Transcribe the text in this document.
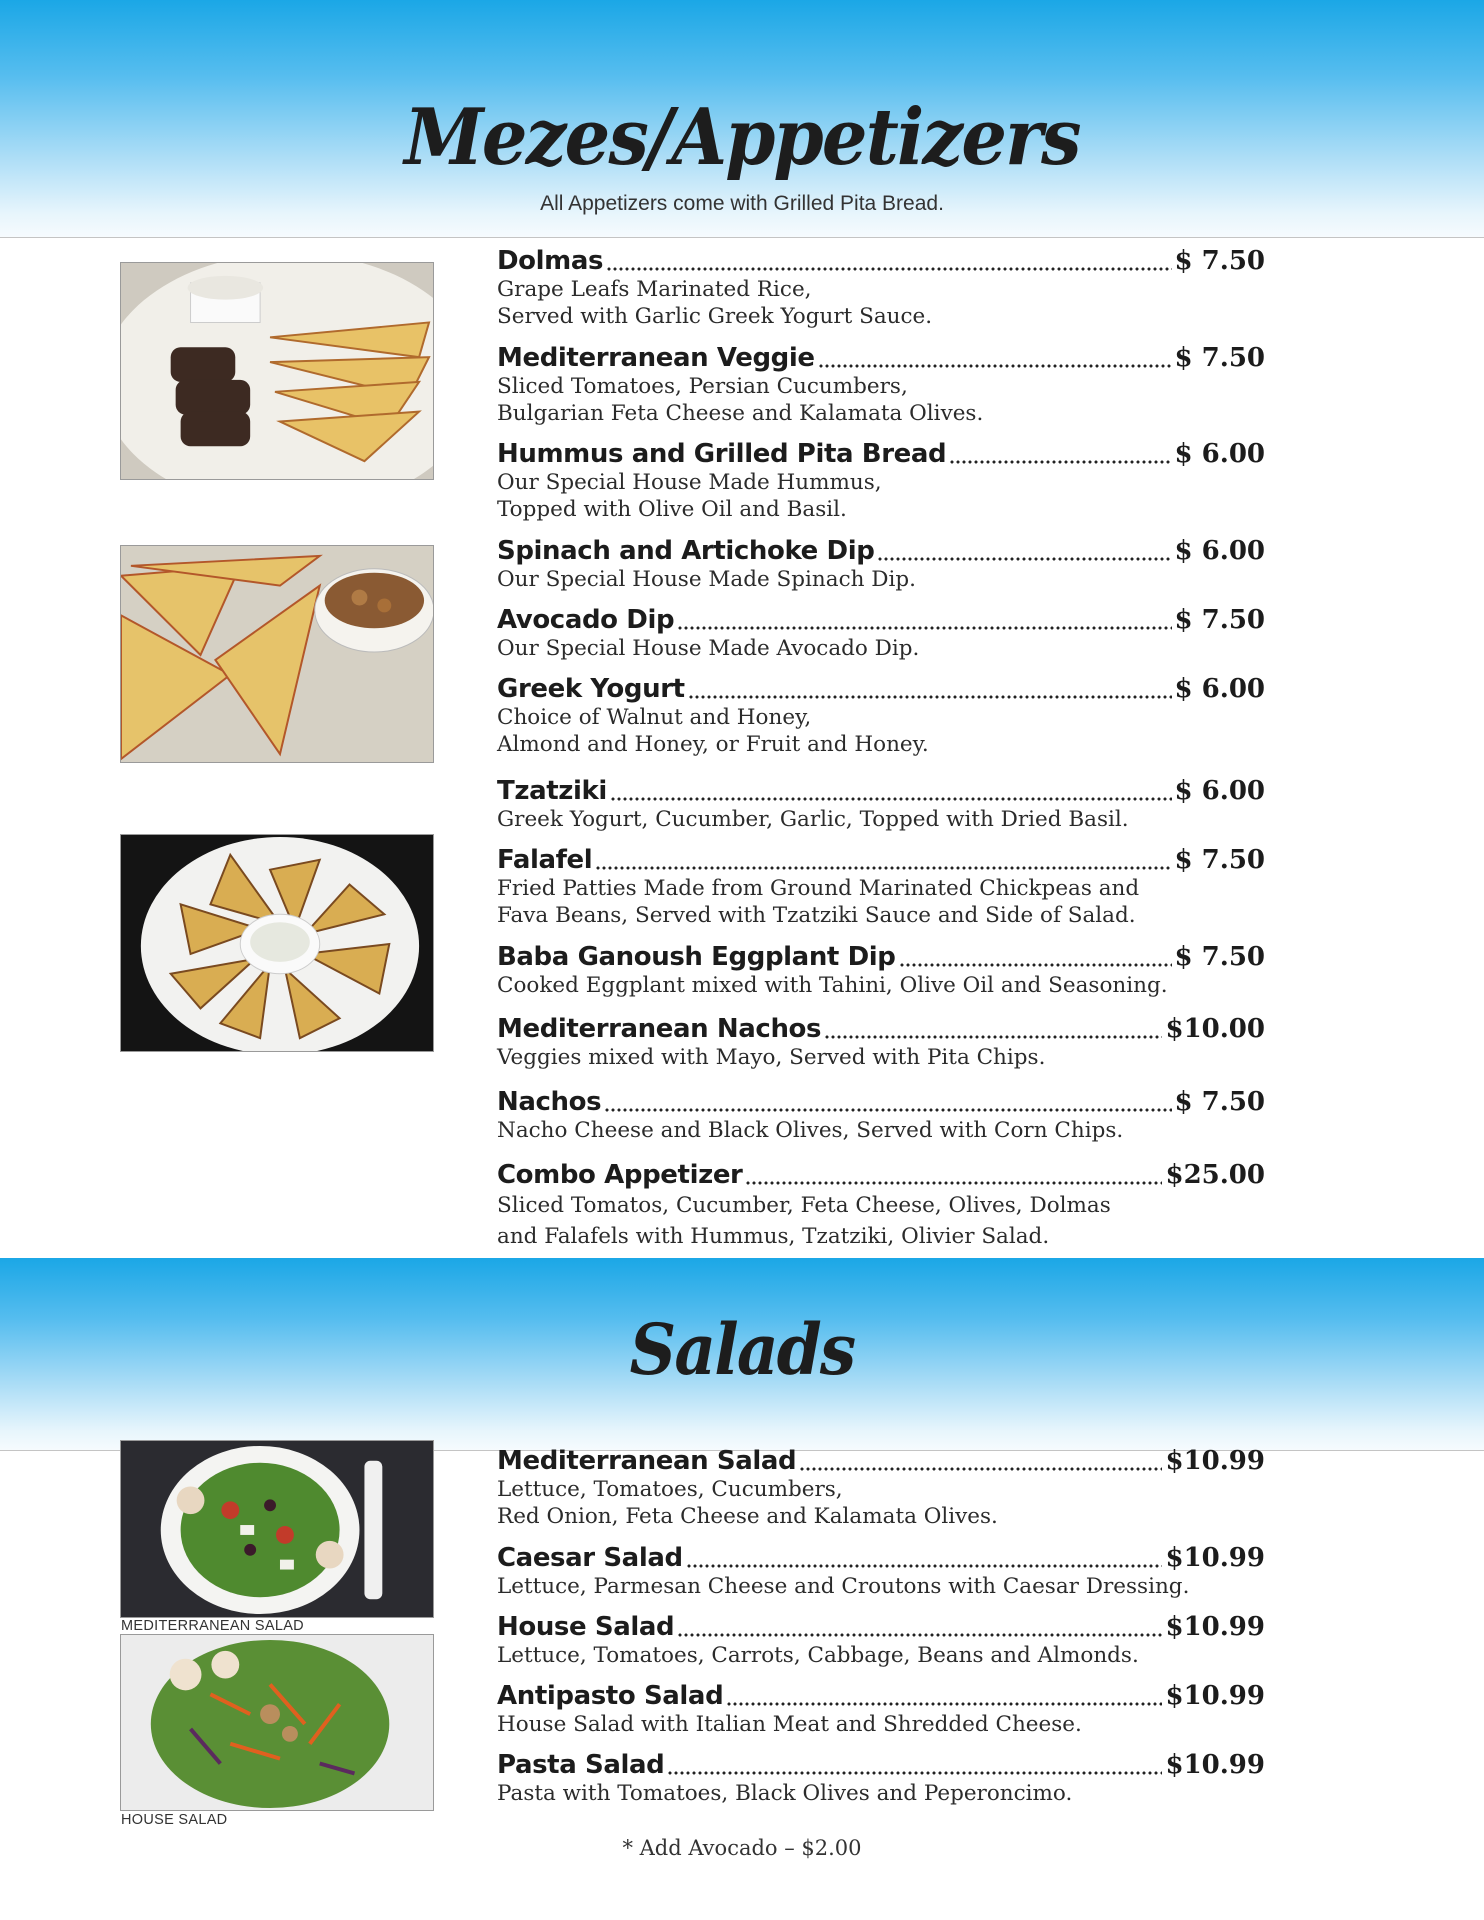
Mezes/Appetizers
All Appetizers come with Grilled Pita Bread.
Salads
MEDITERRANEAN SALAD
HOUSE SALAD
Dolmas	$ 7.50
Grape Leafs Marinated Rice,
Served with Garlic Greek Yogurt Sauce.
Mediterranean Veggie	$ 7.50
Sliced Tomatoes, Persian Cucumbers,
Bulgarian Feta Cheese and Kalamata Olives.
Hummus and Grilled Pita Bread	$ 6.00
Our Special House Made Hummus,
Topped with Olive Oil and Basil.
Spinach and Artichoke Dip	$ 6.00
Our Special House Made Spinach Dip.
Avocado Dip	$ 7.50
Our Special House Made Avocado Dip.
Greek Yogurt	$ 6.00
Choice of Walnut and Honey,
Almond and Honey, or Fruit and Honey.
Tzatziki	$ 6.00
Greek Yogurt, Cucumber, Garlic, Topped with Dried Basil.
Falafel	$ 7.50
Fried Patties Made from Ground Marinated Chickpeas and
Fava Beans, Served with Tzatziki Sauce and Side of Salad.
Baba Ganoush Eggplant Dip	$ 7.50
Cooked Eggplant mixed with Tahini, Olive Oil and Seasoning.
Mediterranean Nachos	$10.00
Veggies mixed with Mayo, Served with Pita Chips.
Nachos	$ 7.50
Nacho Cheese and Black Olives, Served with Corn Chips.
Combo Appetizer	$25.00
Sliced Tomatos, Cucumber, Feta Cheese, Olives, Dolmas
and Falafels with Hummus, Tzatziki, Olivier Salad.
Mediterranean Salad	$10.99
Lettuce, Tomatoes, Cucumbers,
Red Onion, Feta Cheese and Kalamata Olives.
Caesar Salad	$10.99
Lettuce, Parmesan Cheese and Croutons with Caesar Dressing.
House Salad	$10.99
Lettuce, Tomatoes, Carrots, Cabbage, Beans and Almonds.
Antipasto Salad	$10.99
House Salad with Italian Meat and Shredded Cheese.
Pasta Salad	$10.99
Pasta with Tomatoes, Black Olives and Peperoncimo.
* Add Avocado – $2.00
